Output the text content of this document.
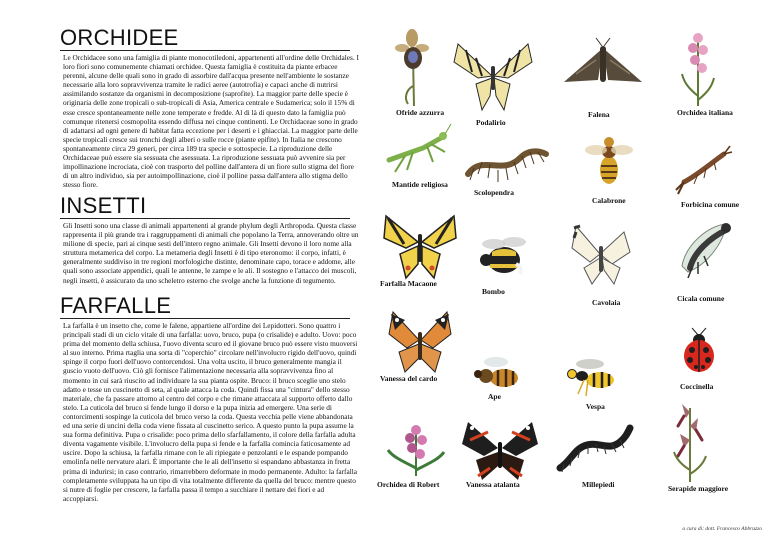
ORCHIDEE

Le Orchidacee sono una famiglia di piante monocotiledoni, appartenenti all'ordine delle Orchidales. I loro fiori sono comunemente chiamati orchidee. Questa famiglia è costituita da piante erbacee perenni, alcune delle quali sono in grado di assorbire dall'acqua presente nell'ambiente le sostanze necessarie alla loro sopravvivenza tramite le radici aeree (autotrofia) e capaci anche di nutrirsi assimilando sostanze da organismi in decomposizione (saprofite). La maggior parte delle specie è originaria delle zone tropicali o sub-tropicali di Asia, America centrale e Sudamerica; solo il 15% di esse cresce spontaneamente nelle zone temperate e fredde. Al di là di questo dato la famiglia può comunque ritenersi cosmopolita essendo diffusa nei cinque continenti. Le Orchidaceae sono in grado di adattarsi ad ogni genere di habitat fatta eccezione per i deserti e i ghiacciai. La maggior parte delle specie tropicali cresce sui tronchi degli alberi o sulle rocce (piante epifite). In Italia ne crescono spontaneamente circa 29 generi, per circa 189 tra specie e sottospecie. La riproduzione delle Orchidaceae può essere sia sessuata che asessuata. La riproduzione sessuata può avvenire sia per impollinazione incrociata, cioè con trasporto del polline dall'antera di un fiore sullo stigma del fiore di un altro individuo, sia per autoimpollinazione, cioè il polline passa dall'antera allo stigma dello stesso fiore.

INSETTI

Gli Insetti sono una classe di animali appartenenti al grande phylum degli Arthropoda. Questa classe rappresenta il più grande tra i raggruppamenti di animali che popolano la Terra, annoverando oltre un milione di specie, pari ai cinque sesti dell'intero regno animale. Gli Insetti devono il loro nome alla struttura metamerica del corpo. La metameria degli Insetti è di tipo eteronomo: il corpo, infatti, è generalmente suddiviso in tre regioni morfologiche distinte, denominate capo, torace e addome, alle quali sono associate appendici, quali le antenne, le zampe e le ali. Il sostegno e l'attacco dei muscoli, negli insetti, è assicurato da uno scheletro esterno che svolge anche la funzione di tegumento.

FARFALLE

La farfalla è un insetto che, come le falene, appartiene all'ordine dei Lepidotteri. Sono quattro i principali stadi di un ciclo vitale di una farfalla: uovo, bruco, pupa (o crisalide) e adulto. Uovo: poco prima del momento della schiusa, l'uovo diventa scuro ed il giovane bruco può essere visto muoversi al suo interno. Prima rtaglia una sorta di "coperchio" circolare nell'involucro rigido dell'uovo, quindi spinge il corpo fuori dell'uovo contorcendosi. Una volta uscito, il bruco generalmente mangia il guscio vuoto dell'uovo. Ciò gli fornisce l'alimentazione necessaria alla sopravvivenza fino al momento in cui sarà riuscito ad individuare la sua pianta ospite. Bruco: il bruco sceglie uno stelo adatto e tesse un cuscinetto di seta, al quale attacca la coda. Quindi fissa una "cintura" dello stesso materiale, che fa passare attorno al centro del corpo e che rimane attaccata al supporto offerto dallo stelo. La cuticola del bruco si fende lungo il dorso e la pupa inizia ad emergere. Una serie di contorcimenti sospinge la cuticola del bruco verso la coda. Questa vecchia pelle viene abbandonata ed una serie di uncini della coda viene fissata al cuscinetto serico. A questo punto la pupa assume la sua forma definitiva. Pupa o crisalide: poco prima dello sfarfallamento, il colore della farfalla adulta diventa vagamente visibile. L'involucro della pupa si fende e la farfalla comincia faticosamente ad uscire. Dopo la schiusa, la farfalla rimane con le ali ripiegate e penzolanti e le espande pompando emolinfa nelle nervature alari. È importante che le ali dell'insetto si espandano abbastanza in fretta prima di indurirsi; in caso contrario, rimarrebbero deformate in modo permanente. Adulto: la farfalla completamente sviluppata ha un tipo di vita totalmente differente da quella del bruco: mentre questo si nutre di foglie per crescere, la farfalla passa il tempo a succhiare il nettare dei fiori e ad accoppiarsi.

Ofride azzurra

Podalirio

Falena	Orchidea italiana

Mantide religiosa

Scolopendra

Calabrone	Forbicina comune

Farfalla Macaone

Bombo

Cavolaia	Cicala comune

Vanessa del cardo

Ape

Vespa

Coccinella

Orchidea di Robert	Vanessa atalanta	Millepiedi	Serapide maggiore

a cura di: dott. Francesco Abbruzzo
